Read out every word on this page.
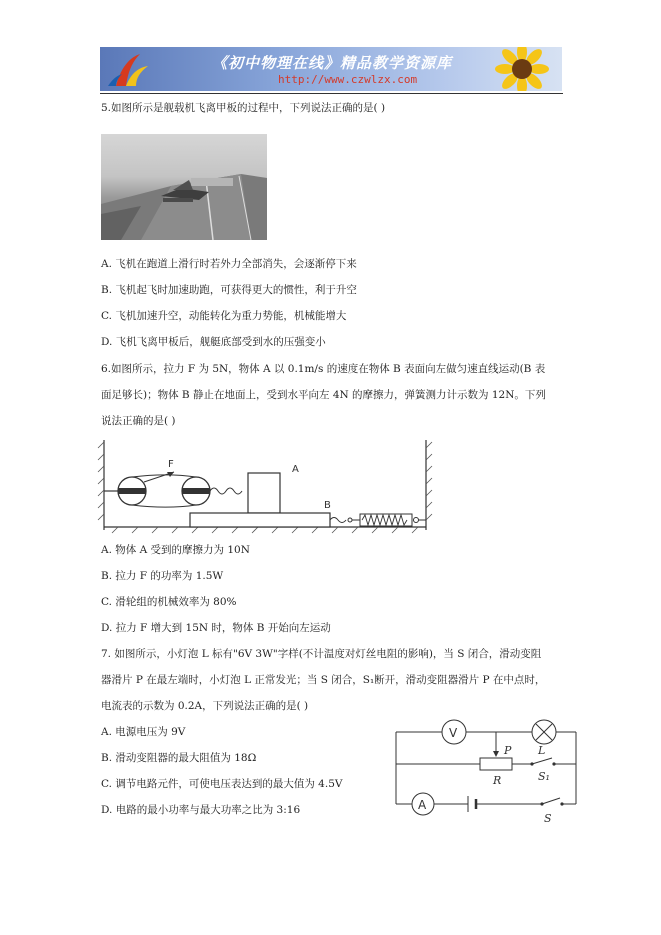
《初中物理在线》精品教学资源库
http://www.czwlzx.com
5.如图所示是舰载机飞离甲板的过程中，下列说法正确的是( )
A. 飞机在跑道上滑行时若外力全部消失，会逐渐停下来
B. 飞机起飞时加速助跑，可获得更大的惯性，利于升空
C. 飞机加速升空，动能转化为重力势能，机械能增大
D. 飞机飞离甲板后，舰艇底部受到水的压强变小
6.如图所示，拉力 F 为 5N，物体 A 以 0.1m/s 的速度在物体 B 表面向左做匀速直线运动(B 表
面足够长)；物体 B 静止在地面上，受到水平向左 4N 的摩擦力，弹簧测力计示数为 12N。下列
说法正确的是( )
F	A
B
A. 物体 A 受到的摩擦力为 10N
B. 拉力 F 的功率为 1.5W
C. 滑轮组的机械效率为 80%
D. 拉力 F 增大到 15N 时，物体 B 开始向左运动
7. 如图所示，小灯泡 L 标有"6V 3W"字样(不计温度对灯丝电阻的影响)，当 S 闭合，滑动变阻
器滑片 P 在最左端时，小灯泡 L 正常发光；当 S 闭合，S₁断开，滑动变阻器滑片 P 在中点时，
电流表的示数为 0.2A，下列说法正确的是( )
A. 电源电压为 9V
B. 滑动变阻器的最大阻值为 18Ω
C. 调节电路元件，可使电压表达到的最大值为 4.5V
D. 电路的最小功率与最大功率之比为 3:16
V
A
P
R
L
S₁
S
